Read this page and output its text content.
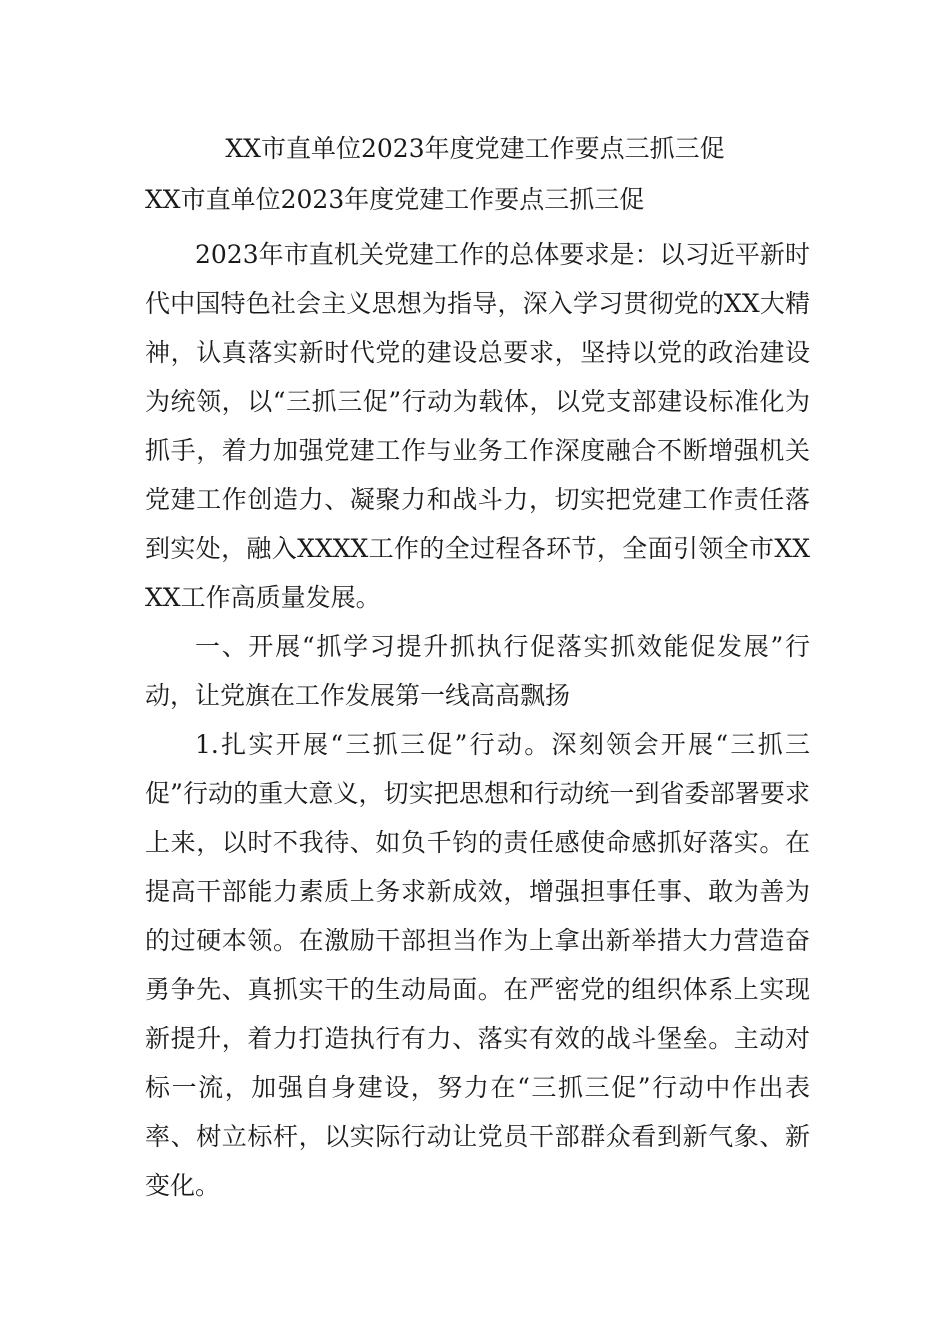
XX市直单位2023年度党建工作要点三抓三促
XX市直单位2023年度党建工作要点三抓三促

2023年市直机关党建工作的总体要求是：以习近平新时代中国特色社会主义思想为指导，深入学习贯彻党的XX大精神，认真落实新时代党的建设总要求，坚持以党的政治建设为统领，以“三抓三促”行动为载体，以党支部建设标准化为抓手，着力加强党建工作与业务工作深度融合不断增强机关党建工作创造力、凝聚力和战斗力，切实把党建工作责任落到实处，融入XXXX工作的全过程各环节，全面引领全市XXXX工作高质量发展。

一、开展“抓学习提升抓执行促落实抓效能促发展”行动，让党旗在工作发展第一线高高飘扬

1.扎实开展“三抓三促”行动。深刻领会开展“三抓三促”行动的重大意义，切实把思想和行动统一到省委部署要求上来，以时不我待、如负千钧的责任感使命感抓好落实。在提高干部能力素质上务求新成效，增强担事任事、敢为善为的过硬本领。在激励干部担当作为上拿出新举措大力营造奋勇争先、真抓实干的生动局面。在严密党的组织体系上实现新提升，着力打造执行有力、落实有效的战斗堡垒。主动对标一流，加强自身建设，努力在“三抓三促”行动中作出表率、树立标杆，以实际行动让党员干部群众看到新气象、新变化。
